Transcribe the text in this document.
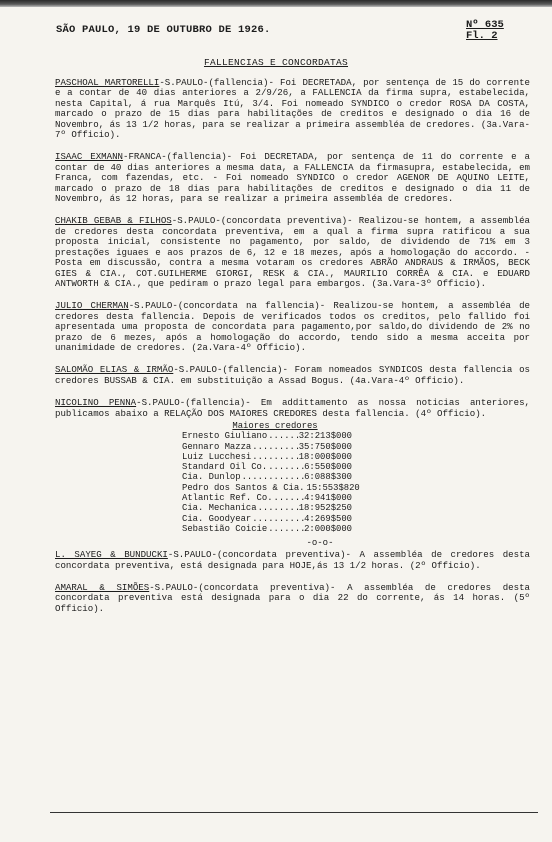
SÃO PAULO, 19 DE OUTUBRO DE 1926.	Nº 635
Fl. 2
FALLENCIAS E CONCORDATAS

PASCHOAL MARTORELLI-S.PAULO-(fallencia)- Foi DECRETADA, por sentença de 15 do corrente e a contar de 40 dias anteriores a 2/9/26, a FALLENCIA da firma supra, estabelecida, nesta Capital, á rua Marquês Itú, 3/4. Foi nomeado SYNDICO o credor ROSA DA COSTA, marcado o prazo de 15 dias para habilitações de creditos e designado o dia 16 de Novembro, ás 13 1/2 horas, para se realizar a primeira assembléa de credores. (3a.Vara-7º Officio).

ISAAC EXMANN-FRANCA-(fallencia)- Foi DECRETADA, por sentença de 11 do corrente e a contar de 40 dias anteriores a mesma data, a FALLENCIA da firmasupra, estabelecida, em Franca, com fazendas, etc. - Foi nomeado SYNDICO o credor AGENOR DE AQUINO LEITE, marcado o prazo de 18 dias para habilitações de creditos e designado o dia 11 de Novembro, ás 12 horas, para se realizar a primeira assembléa de credores.

CHAKIB GEBAB & FILHOS-S.PAULO-(concordata preventiva)- Realizou-se hontem, a assembléa de credores desta concordata preventiva, em a qual a firma supra ratificou a sua proposta inicial, consistente no pagamento, por saldo, de dividendo de 71% em 3 prestações iguaes e aos prazos de 6, 12 e 18 mezes, após a homologação do accordo. -Posta em discussão, contra a mesma votaram os credores ABRÃO ANDRAUS & IRMÃOS, BECK GIES & CIA., COT.GUILHERME GIORGI, RESK & CIA., MAURILIO CORRÊA & CIA. e EDUARD ANTWORTH & CIA., que pediram o prazo legal para embargos. (3a.Vara-3º Officio).

JULIO CHERMAN-S.PAULO-(concordata na fallencia)- Realizou-se hontem, a assembléa de credores desta fallencia. Depois de verificados todos os creditos, pelo fallido foi apresentada uma proposta de concordata para pagamento,por saldo,do dividendo de 2% no prazo de 6 mezes, após a homologação do accordo, tendo sido a mesma acceita por unanimidade de credores. (2a.Vara-4º Officio).

SALOMÃO ELIAS & IRMÃO-S.PAULO-(fallencia)- Foram nomeados SYNDICOS desta fallencia os credores BUSSAB & CIA. em substituição a Assad Bogus. (4a.Vara-4º Officio).

NICOLINO PENNA-S.PAULO-(fallencia)- Em addittamento as nossa noticias anteriores, publicamos abaixo a RELAÇÃO DOS MAIORES CREDORES desta fallencia. (4º Officio).

Maiores credores
Ernesto Giuliano .....	32:213$000
Gennaro Mazza .....	35:750$000
Luiz Lucchesi .....	18:000$000
Standard Oil Co. .....	6:550$000
Cia. Dunlop .....	6:088$300
Pedro dos Santos & Cia. ..... 15:553$820
Atlantic Ref. Co. .....	4:941$000
Cia. Mechanica .....	18:952$250
Cia. Goodyear .....	4:269$500
Sebastião Coicie .....	2:000$000
-o-o-

L. SAYEG & BUNDUCKI-S.PAULO-(concordata preventiva)- A assembléa de credores desta concordata preventiva, está designada para HOJE,ás 13 1/2 horas. (2º Officio).

AMARAL & SIMÕES-S.PAULO-(concordata preventiva)- A assembléa de credores desta concordata preventiva está designada para o dia 22 do corrente, ás 14 horas. (5º Officio).
